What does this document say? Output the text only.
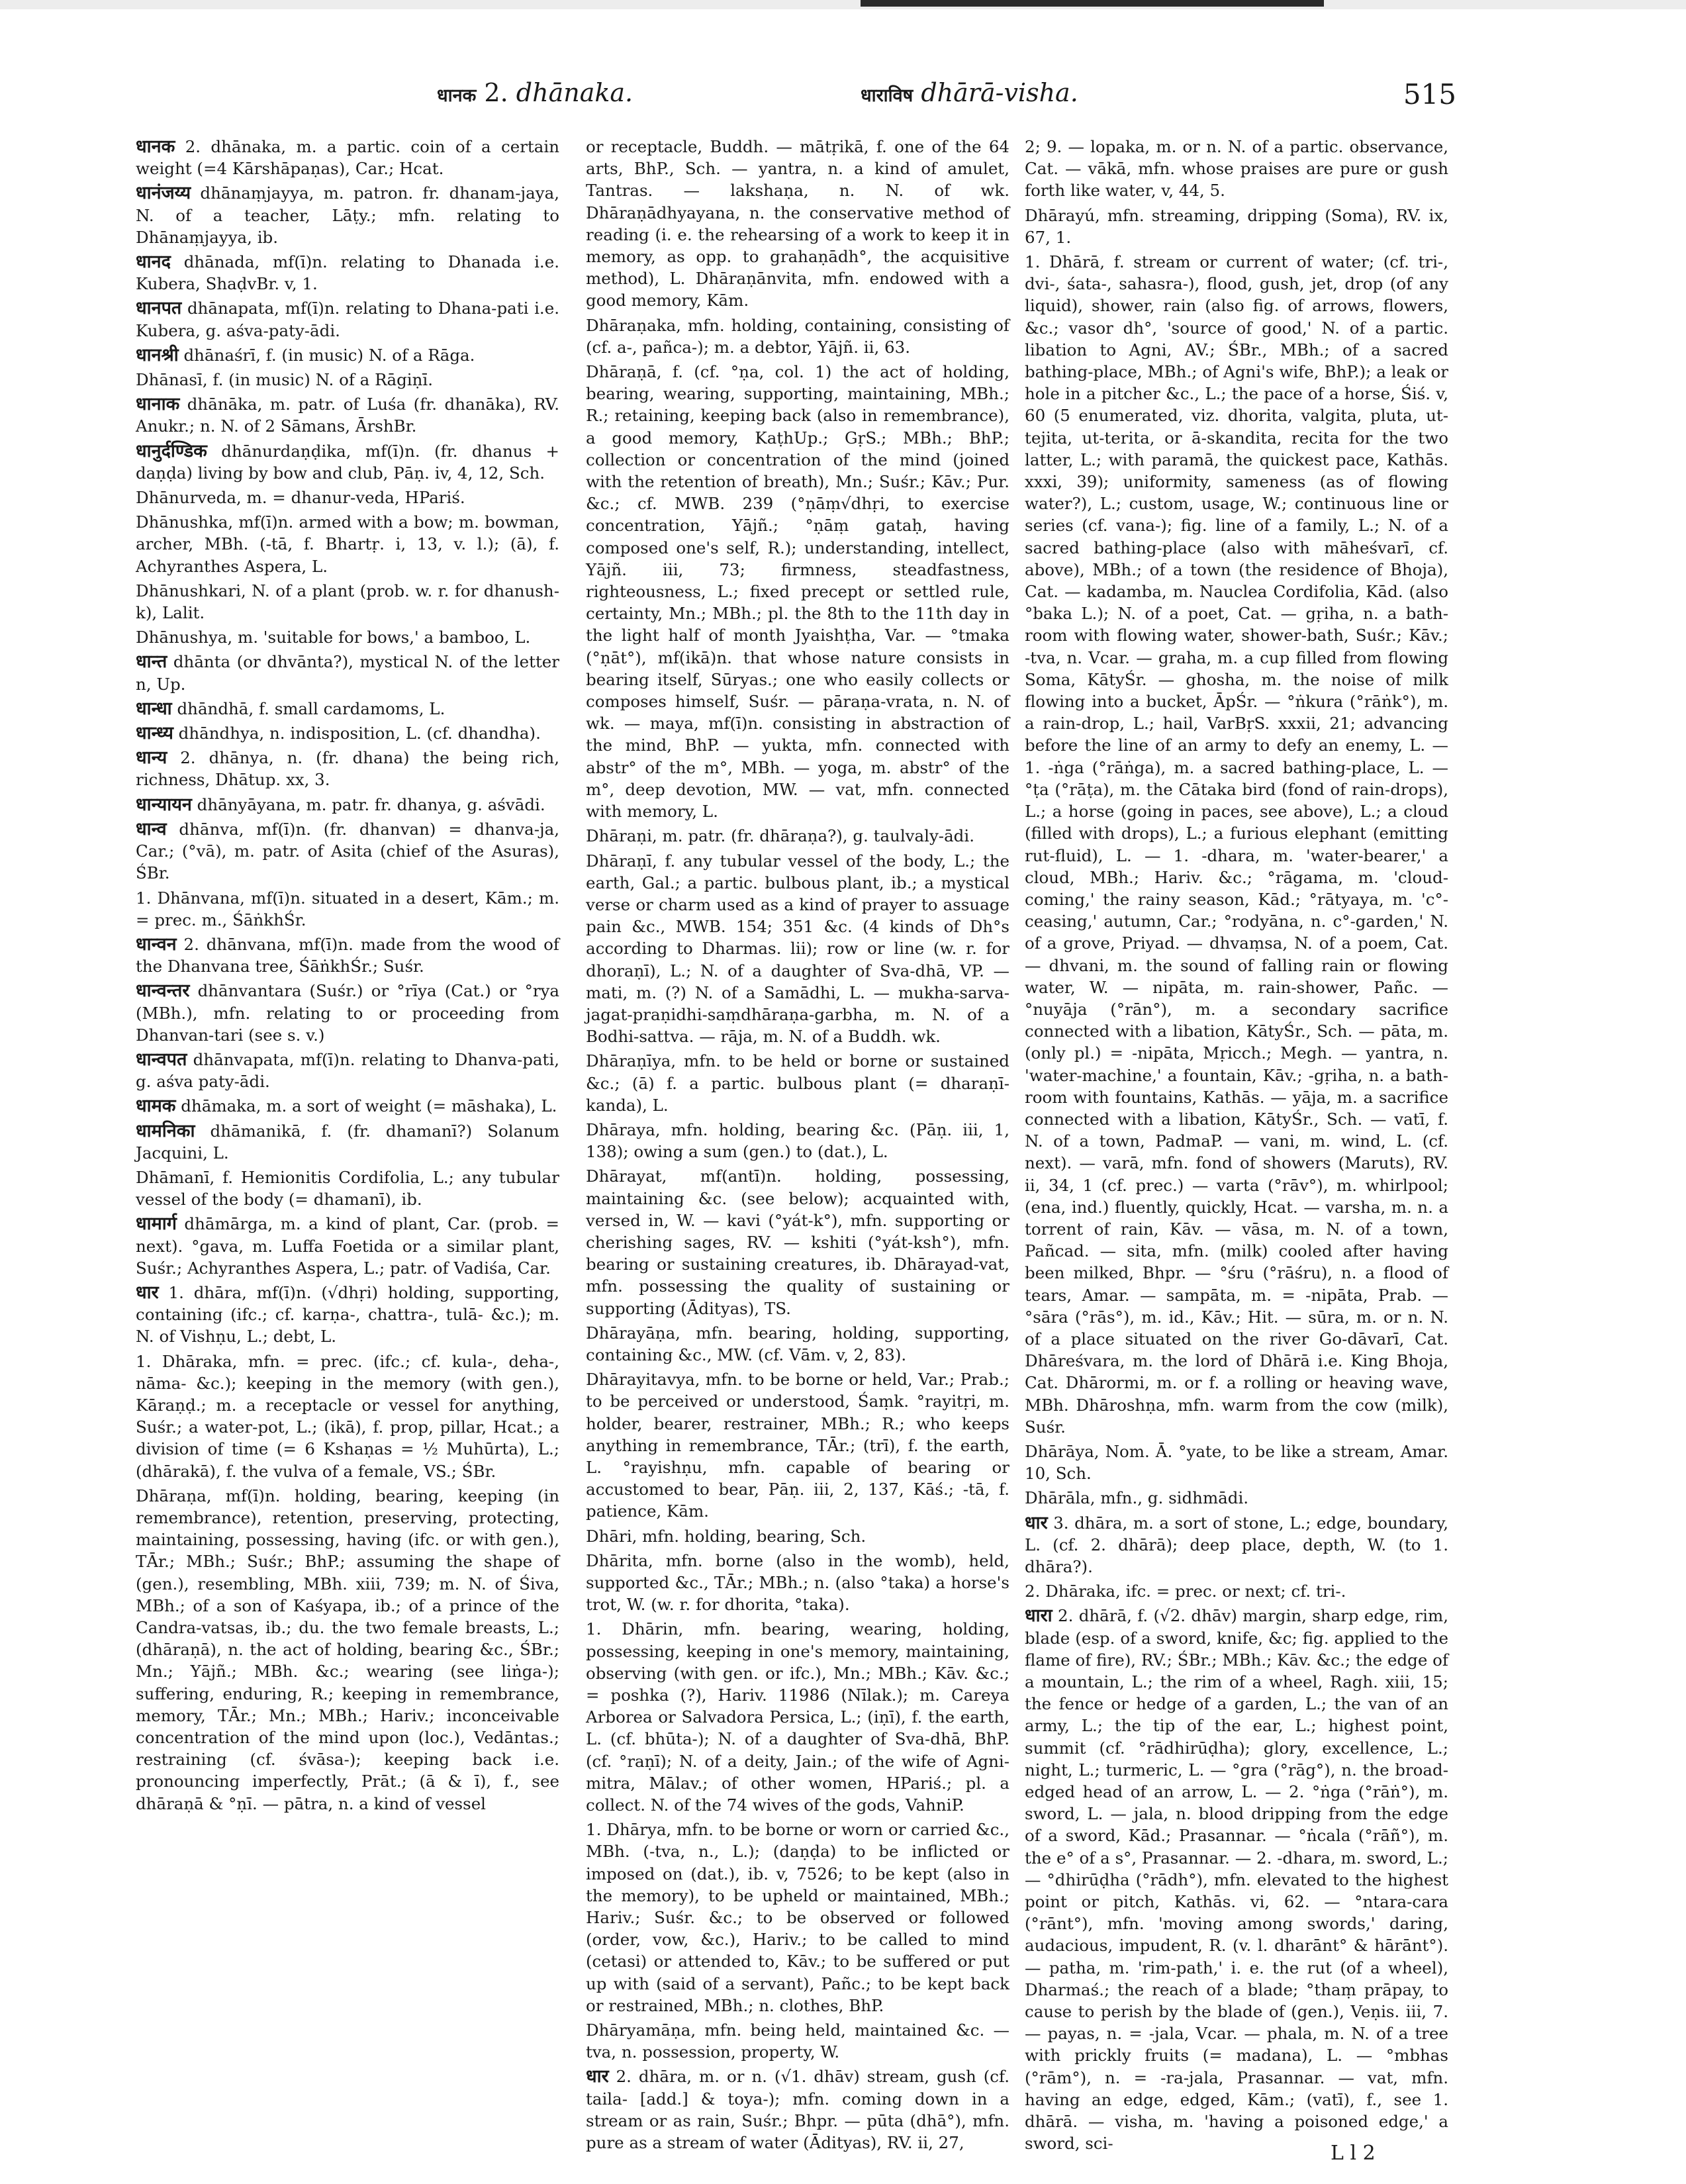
धानक 2. dhānaka.	धाराविष dhārā-visha.	515

धानक 2. dhānaka, m. a partic. coin of a certain weight (=4 Kārshāpaṇas), Car.; Hcat.

धानंजय्य dhānaṃjayya, m. patron. fr. dhanam-jaya, N. of a teacher, Lāṭy.; mfn. relating to Dhānaṃjayya, ib.

धानद dhānada, mf(ī)n. relating to Dhanada i.e. Kubera, ShaḍvBr. v, 1.

धानपत dhānapata, mf(ī)n. relating to Dhana-pati i.e. Kubera, g. aśva-paty-ādi.

धानश्री dhānaśrī, f. (in music) N. of a Rāga.

Dhānasī, f. (in music) N. of a Rāgiṇī.

धानाक dhānāka, m. patr. of Luśa (fr. dhanāka), RV. Anukr.; n. N. of 2 Sāmans, ĀrshBr.

धानुर्दण्डिक dhānurdaṇḍika, mf(ī)n. (fr. dhanus + daṇḍa) living by bow and club, Pāṇ. iv, 4, 12, Sch.

Dhānurveda, m. = dhanur-veda, HPariś.

Dhānushka, mf(ī)n. armed with a bow; m. bowman, archer, MBh. (-tā, f. Bhartṛ. i, 13, v. l.); (ā), f. Achyranthes Aspera, L.

Dhānushkari, N. of a plant (prob. w. r. for dhanush-k), Lalit.

Dhānushya, m. 'suitable for bows,' a bamboo, L.

धान्त dhānta (or dhvānta?), mystical N. of the letter n, Up.

धान्धा dhāndhā, f. small cardamoms, L.

धान्ध्य dhāndhya, n. indisposition, L. (cf. dhandha).

धान्य 2. dhānya, n. (fr. dhana) the being rich, richness, Dhātup. xx, 3.

धान्यायन dhānyāyana, m. patr. fr. dhanya, g. aśvādi.

धान्व dhānva, mf(ī)n. (fr. dhanvan) = dhanva-ja, Car.; (°vā), m. patr. of Asita (chief of the Asuras), ŚBr.

1. Dhānvana, mf(ī)n. situated in a desert, Kām.; m. = prec. m., ŚāṅkhŚr.

धान्वन 2. dhānvana, mf(ī)n. made from the wood of the Dhanvana tree, ŚāṅkhŚr.; Suśr.

धान्वन्तर dhānvantara (Suśr.) or °rīya (Cat.) or °rya (MBh.), mfn. relating to or proceeding from Dhanvan-tari (see s. v.)

धान्वपत dhānvapata, mf(ī)n. relating to Dhanva-pati, g. aśva paty-ādi.

धामक dhāmaka, m. a sort of weight (= māshaka), L.

धामनिका dhāmanikā, f. (fr. dhamanī?) Solanum Jacquini, L.

Dhāmanī, f. Hemionitis Cordifolia, L.; any tubular vessel of the body (= dhamanī), ib.

धामार्ग dhāmārga, m. a kind of plant, Car. (prob. = next). °gava, m. Luffa Foetida or a similar plant, Suśr.; Achyranthes Aspera, L.; patr. of Vadiśa, Car.

धार 1. dhāra, mf(ī)n. (√dhṛi) holding, supporting, containing (ifc.; cf. karṇa-, chattra-, tulā- &c.); m. N. of Vishṇu, L.; debt, L.

1. Dhāraka, mfn. = prec. (ifc.; cf. kula-, deha-, nāma- &c.); keeping in the memory (with gen.), Kāraṇḍ.; m. a receptacle or vessel for anything, Suśr.; a water-pot, L.; (ikā), f. prop, pillar, Hcat.; a division of time (= 6 Kshaṇas = ½ Muhūrta), L.; (dhārakā), f. the vulva of a female, VS.; ŚBr.

Dhāraṇa, mf(ī)n. holding, bearing, keeping (in remembrance), retention, preserving, protecting, maintaining, possessing, having (ifc. or with gen.), TĀr.; MBh.; Suśr.; BhP.; assuming the shape of (gen.), resembling, MBh. xiii, 739; m. N. of Śiva, MBh.; of a son of Kaśyapa, ib.; of a prince of the Candra-vatsas, ib.; du. the two female breasts, L.; (dhāraṇā), n. the act of holding, bearing &c., ŚBr.; Mn.; Yājñ.; MBh. &c.; wearing (see liṅga-); suffering, enduring, R.; keeping in remembrance, memory, TĀr.; Mn.; MBh.; Hariv.; inconceivable concentration of the mind upon (loc.), Vedāntas.; restraining (cf. śvāsa-); keeping back i.e. pronouncing imperfectly, Prāt.; (ā & ī), f., see dhāraṇā & °ṇī. — pātra, n. a kind of vessel

or receptacle, Buddh. — mātṛikā, f. one of the 64 arts, BhP., Sch. — yantra, n. a kind of amulet, Tantras. — lakshaṇa, n. N. of wk. Dhāraṇādhyayana, n. the conservative method of reading (i. e. the rehearsing of a work to keep it in memory, as opp. to grahaṇādh°, the acquisitive method), L. Dhāraṇānvita, mfn. endowed with a good memory, Kām.

Dhāraṇaka, mfn. holding, containing, consisting of (cf. a-, pañca-); m. a debtor, Yājñ. ii, 63.

Dhāraṇā, f. (cf. °ṇa, col. 1) the act of holding, bearing, wearing, supporting, maintaining, MBh.; R.; retaining, keeping back (also in remembrance), a good memory, KaṭhUp.; GṛS.; MBh.; BhP.; collection or concentration of the mind (joined with the retention of breath), Mn.; Suśr.; Kāv.; Pur. &c.; cf. MWB. 239 (°ṇāṃ√dhṛi, to exercise concentration, Yājñ.; °ṇāṃ gataḥ, having composed one's self, R.); understanding, intellect, Yājñ. iii, 73; firmness, steadfastness, righteousness, L.; fixed precept or settled rule, certainty, Mn.; MBh.; pl. the 8th to the 11th day in the light half of month Jyaishṭha, Var. — °tmaka (°ṇāt°), mf(ikā)n. that whose nature consists in bearing itself, Sūryas.; one who easily collects or composes himself, Suśr. — pāraṇa-vrata, n. N. of wk. — maya, mf(ī)n. consisting in abstraction of the mind, BhP. — yukta, mfn. connected with abstr° of the m°, MBh. — yoga, m. abstr° of the m°, deep devotion, MW. — vat, mfn. connected with memory, L.

Dhāraṇi, m. patr. (fr. dhāraṇa?), g. taulvaly-ādi.

Dhāraṇī, f. any tubular vessel of the body, L.; the earth, Gal.; a partic. bulbous plant, ib.; a mystical verse or charm used as a kind of prayer to assuage pain &c., MWB. 154; 351 &c. (4 kinds of Dh°s according to Dharmas. lii); row or line (w. r. for dhoraṇī), L.; N. of a daughter of Sva-dhā, VP. — mati, m. (?) N. of a Samādhi, L. — mukha-sarva-jagat-praṇidhi-saṃdhāraṇa-garbha, m. N. of a Bodhi-sattva. — rāja, m. N. of a Buddh. wk.

Dhāraṇīya, mfn. to be held or borne or sustained &c.; (ā) f. a partic. bulbous plant (= dharaṇī-kanda), L.

Dhāraya, mfn. holding, bearing &c. (Pāṇ. iii, 1, 138); owing a sum (gen.) to (dat.), L.

Dhārayat, mf(antī)n. holding, possessing, maintaining &c. (see below); acquainted with, versed in, W. — kavi (°yát-k°), mfn. supporting or cherishing sages, RV. — kshiti (°yát-ksh°), mfn. bearing or sustaining creatures, ib. Dhārayad-vat, mfn. possessing the quality of sustaining or supporting (Ādityas), TS.

Dhārayāṇa, mfn. bearing, holding, supporting, containing &c., MW. (cf. Vām. v, 2, 83).

Dhārayitavya, mfn. to be borne or held, Var.; Prab.; to be perceived or understood, Śaṃk. °rayitṛi, m. holder, bearer, restrainer, MBh.; R.; who keeps anything in remembrance, TĀr.; (trī), f. the earth, L. °rayishṇu, mfn. capable of bearing or accustomed to bear, Pāṇ. iii, 2, 137, Kāś.; -tā, f. patience, Kām.

Dhāri, mfn. holding, bearing, Sch.

Dhārita, mfn. borne (also in the womb), held, supported &c., TĀr.; MBh.; n. (also °taka) a horse's trot, W. (w. r. for dhorita, °taka).

1. Dhārin, mfn. bearing, wearing, holding, possessing, keeping in one's memory, maintaining, observing (with gen. or ifc.), Mn.; MBh.; Kāv. &c.; = poshka (?), Hariv. 11986 (Nīlak.); m. Careya Arborea or Salvadora Persica, L.; (iṇī), f. the earth, L. (cf. bhūta-); N. of a daughter of Sva-dhā, BhP. (cf. °raṇī); N. of a deity, Jain.; of the wife of Agni-mitra, Mālav.; of other women, HPariś.; pl. a collect. N. of the 74 wives of the gods, VahniP.

1. Dhārya, mfn. to be borne or worn or carried &c., MBh. (-tva, n., L.); (daṇḍa) to be inflicted or imposed on (dat.), ib. v, 7526; to be kept (also in the memory), to be upheld or maintained, MBh.; Hariv.; Suśr. &c.; to be observed or followed (order, vow, &c.), Hariv.; to be called to mind (cetasi) or attended to, Kāv.; to be suffered or put up with (said of a servant), Pañc.; to be kept back or restrained, MBh.; n. clothes, BhP.

Dhāryamāṇa, mfn. being held, maintained &c. — tva, n. possession, property, W.

धार 2. dhāra, m. or n. (√1. dhāv) stream, gush (cf. taila- [add.] & toya-); mfn. coming down in a stream or as rain, Suśr.; Bhpr. — pūta (dhā°), mfn. pure as a stream of water (Ādityas), RV. ii, 27,

2; 9. — lopaka, m. or n. N. of a partic. observance, Cat. — vākā, mfn. whose praises are pure or gush forth like water, v, 44, 5.

Dhārayú, mfn. streaming, dripping (Soma), RV. ix, 67, 1.

1. Dhārā, f. stream or current of water; (cf. tri-, dvi-, śata-, sahasra-), flood, gush, jet, drop (of any liquid), shower, rain (also fig. of arrows, flowers, &c.; vasor dh°, 'source of good,' N. of a partic. libation to Agni, AV.; ŚBr., MBh.; of a sacred bathing-place, MBh.; of Agni's wife, BhP.); a leak or hole in a pitcher &c., L.; the pace of a horse, Śiś. v, 60 (5 enumerated, viz. dhorita, valgita, pluta, ut-tejita, ut-terita, or ā-skandita, recita for the two latter, L.; with paramā, the quickest pace, Kathās. xxxi, 39); uniformity, sameness (as of flowing water?), L.; custom, usage, W.; continuous line or series (cf. vana-); fig. line of a family, L.; N. of a sacred bathing-place (also with māheśvarī, cf. above), MBh.; of a town (the residence of Bhoja), Cat. — kadamba, m. Nauclea Cordifolia, Kād. (also °baka L.); N. of a poet, Cat. — gṛiha, n. a bath-room with flowing water, shower-bath, Suśr.; Kāv.; -tva, n. Vcar. — graha, m. a cup filled from flowing Soma, KātyŚr. — ghosha, m. the noise of milk flowing into a bucket, ĀpŚr. — °ṅkura (°rāṅk°), m. a rain-drop, L.; hail, VarBṛS. xxxii, 21; advancing before the line of an army to defy an enemy, L. — 1. -ṅga (°rāṅga), m. a sacred bathing-place, L. — °ṭa (°rāṭa), m. the Cātaka bird (fond of rain-drops), L.; a horse (going in paces, see above), L.; a cloud (filled with drops), L.; a furious elephant (emitting rut-fluid), L. — 1. -dhara, m. 'water-bearer,' a cloud, MBh.; Hariv. &c.; °rāgama, m. 'cloud-coming,' the rainy season, Kād.; °rātyaya, m. 'c°-ceasing,' autumn, Car.; °rodyāna, n. c°-garden,' N. of a grove, Priyad. — dhvaṃsa, N. of a poem, Cat. — dhvani, m. the sound of falling rain or flowing water, W. — nipāta, m. rain-shower, Pañc. — °nuyāja (°rān°), m. a secondary sacrifice connected with a libation, KātyŚr., Sch. — pāta, m. (only pl.) = -nipāta, Mṛicch.; Megh. — yantra, n. 'water-machine,' a fountain, Kāv.; -gṛiha, n. a bath-room with fountains, Kathās. — yāja, m. a sacrifice connected with a libation, KātyŚr., Sch. — vatī, f. N. of a town, PadmaP. — vani, m. wind, L. (cf. next). — varā, mfn. fond of showers (Maruts), RV. ii, 34, 1 (cf. prec.) — varta (°rāv°), m. whirlpool; (ena, ind.) fluently, quickly, Hcat. — varsha, m. n. a torrent of rain, Kāv. — vāsa, m. N. of a town, Pañcad. — sita, mfn. (milk) cooled after having been milked, Bhpr. — °śru (°rāśru), n. a flood of tears, Amar. — sampāta, m. = -nipāta, Prab. — °sāra (°rās°), m. id., Kāv.; Hit. — sūra, m. or n. N. of a place situated on the river Go-dāvarī, Cat. Dhāreśvara, m. the lord of Dhārā i.e. King Bhoja, Cat. Dhārormi, m. or f. a rolling or heaving wave, MBh. Dhāroshṇa, mfn. warm from the cow (milk), Suśr.

Dhārāya, Nom. Ā. °yate, to be like a stream, Amar. 10, Sch.

Dhārāla, mfn., g. sidhmādi.

धार 3. dhāra, m. a sort of stone, L.; edge, boundary, L. (cf. 2. dhārā); deep place, depth, W. (to 1. dhāra?).

2. Dhāraka, ifc. = prec. or next; cf. tri-.

धारा 2. dhārā, f. (√2. dhāv) margin, sharp edge, rim, blade (esp. of a sword, knife, &c; fig. applied to the flame of fire), RV.; ŚBr.; MBh.; Kāv. &c.; the edge of a mountain, L.; the rim of a wheel, Ragh. xiii, 15; the fence or hedge of a garden, L.; the van of an army, L.; the tip of the ear, L.; highest point, summit (cf. °rādhirūḍha); glory, excellence, L.; night, L.; turmeric, L. — °gra (°rāg°), n. the broad-edged head of an arrow, L. — 2. °ṅga (°rāṅ°), m. sword, L. — jala, n. blood dripping from the edge of a sword, Kād.; Prasannar. — °ṅcala (°rāñ°), m. the e° of a s°, Prasannar. — 2. -dhara, m. sword, L.; — °dhirūḍha (°rādh°), mfn. elevated to the highest point or pitch, Kathās. vi, 62. — °ntara-cara (°rānt°), mfn. 'moving among swords,' daring, audacious, impudent, R. (v. l. dharānt° & hārānt°). — patha, m. 'rim-path,' i. e. the rut (of a wheel), Dharmaś.; the reach of a blade; °thaṃ prāpay, to cause to perish by the blade of (gen.), Veṇis. iii, 7. — payas, n. = -jala, Vcar. — phala, m. N. of a tree with prickly fruits (= madana), L. — °mbhas (°rām°), n. = -ra-jala, Prasannar. — vat, mfn. having an edge, edged, Kām.; (vatī), f., see 1. dhārā. — visha, m. 'having a poisoned edge,' a sword, sci-	L l 2
